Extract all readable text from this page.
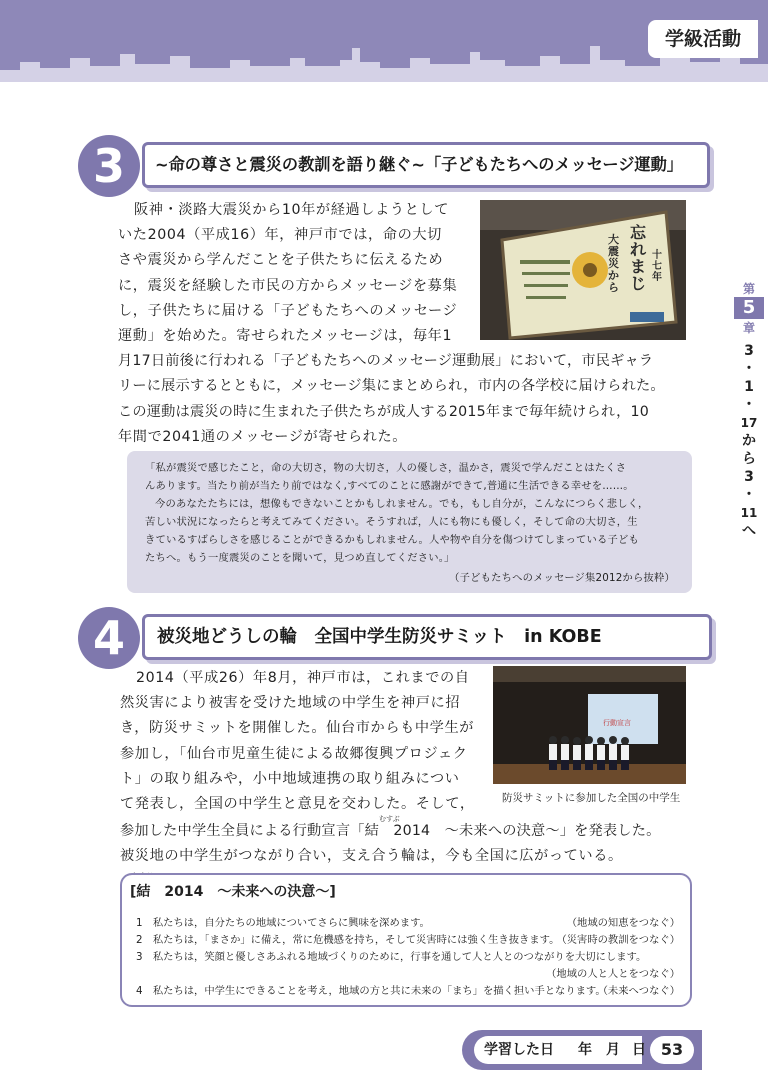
学級活動
第
5
章
3
・
1
・
17
か
ら
3
・
11
へ
3	~命の尊さと震災の教訓を語り継ぐ~「子どもたちへのメッセージ運動」
阪神・淡路大震災から10年が経過しようとして
いた2004（平成16）年，神戸市では，命の大切
さや震災から学んだことを子供たちに伝えるため
に，震災を経験した市民の方からメッセージを募集
し，子供たちに届ける「子どもたちへのメッセージ
運動」を始めた。寄せられたメッセージは，毎年1
月17日前後に行われる「子どもたちへのメッセージ運動展」において，市民ギャラ
リーに展示するとともに，メッセージ集にまとめられ，市内の各学校に届けられた。
この運動は震災の時に生まれた子供たちが成人する2015年まで毎年続けられ，10
年間で2041通のメッセージが寄せられた。
忘れまじ
大震災から
十七年

「私が震災で感じたこと，命の大切さ，物の大切さ，人の優しさ，温かさ，震災で学んだことはたくさ

んあります。当たり前が当たり前ではなく,すべてのことに感謝ができて,普通に生活できる幸せを……。

今のあなたたちには，想像もできないことかもしれません。でも，もし自分が，こんなにつらく悲しく，

苦しい状況になったらと考えてみてください。そうすれば，人にも物にも優しく，そして命の大切さ，生

きているすばらしさを感じることができるかもしれません。人や物や自分を傷つけてしまっている子ども

たちへ。もう一度震災のことを聞いて，見つめ直してください。」

（子どもたちへのメッセージ集2012から抜粋）

4	被災地どうしの輪　全国中学生防災サミット　in KOBE
2014（平成26）年8月，神戸市は，これまでの自
然災害により被害を受けた地域の中学生を神戸に招
き，防災サミットを開催した。仙台市からも中学生が
参加し，「仙台市児童生徒による故郷復興プロジェク
ト」の取り組みや，小中地域連携の取り組みについ
て発表し，全国の中学生と意見を交わした。そして，
参加した中学生全員による行動宣言「結　2014　～未来への決意～」を発表した。
被災地の中学生がつながり合い，支え合う輪は，今も全国に広がっている。
むすぶ
行動宣言
防災サミットに参加した全国の中学生
[結　2014　～未来への決意～]
1　私たちは，自分たちの地域についてさらに興味を深めます。	（地域の知恵をつなぐ）
2　私たちは，「まさか」に備え，常に危機感を持ち，そして災害時には強く生き抜きます。
（災害時の教訓をつなぐ）
3　私たちは，笑顔と優しさあふれる地域づくりのために，行事を通して人と人とのつながりを大切にします。
（地域の人と人とをつなぐ）
4　私たちは，中学生にできることを考え，地域の方と共に未来の「まち」を描く担い手となります。
（未来へつなぐ）
学習した日 年 月 日 53
